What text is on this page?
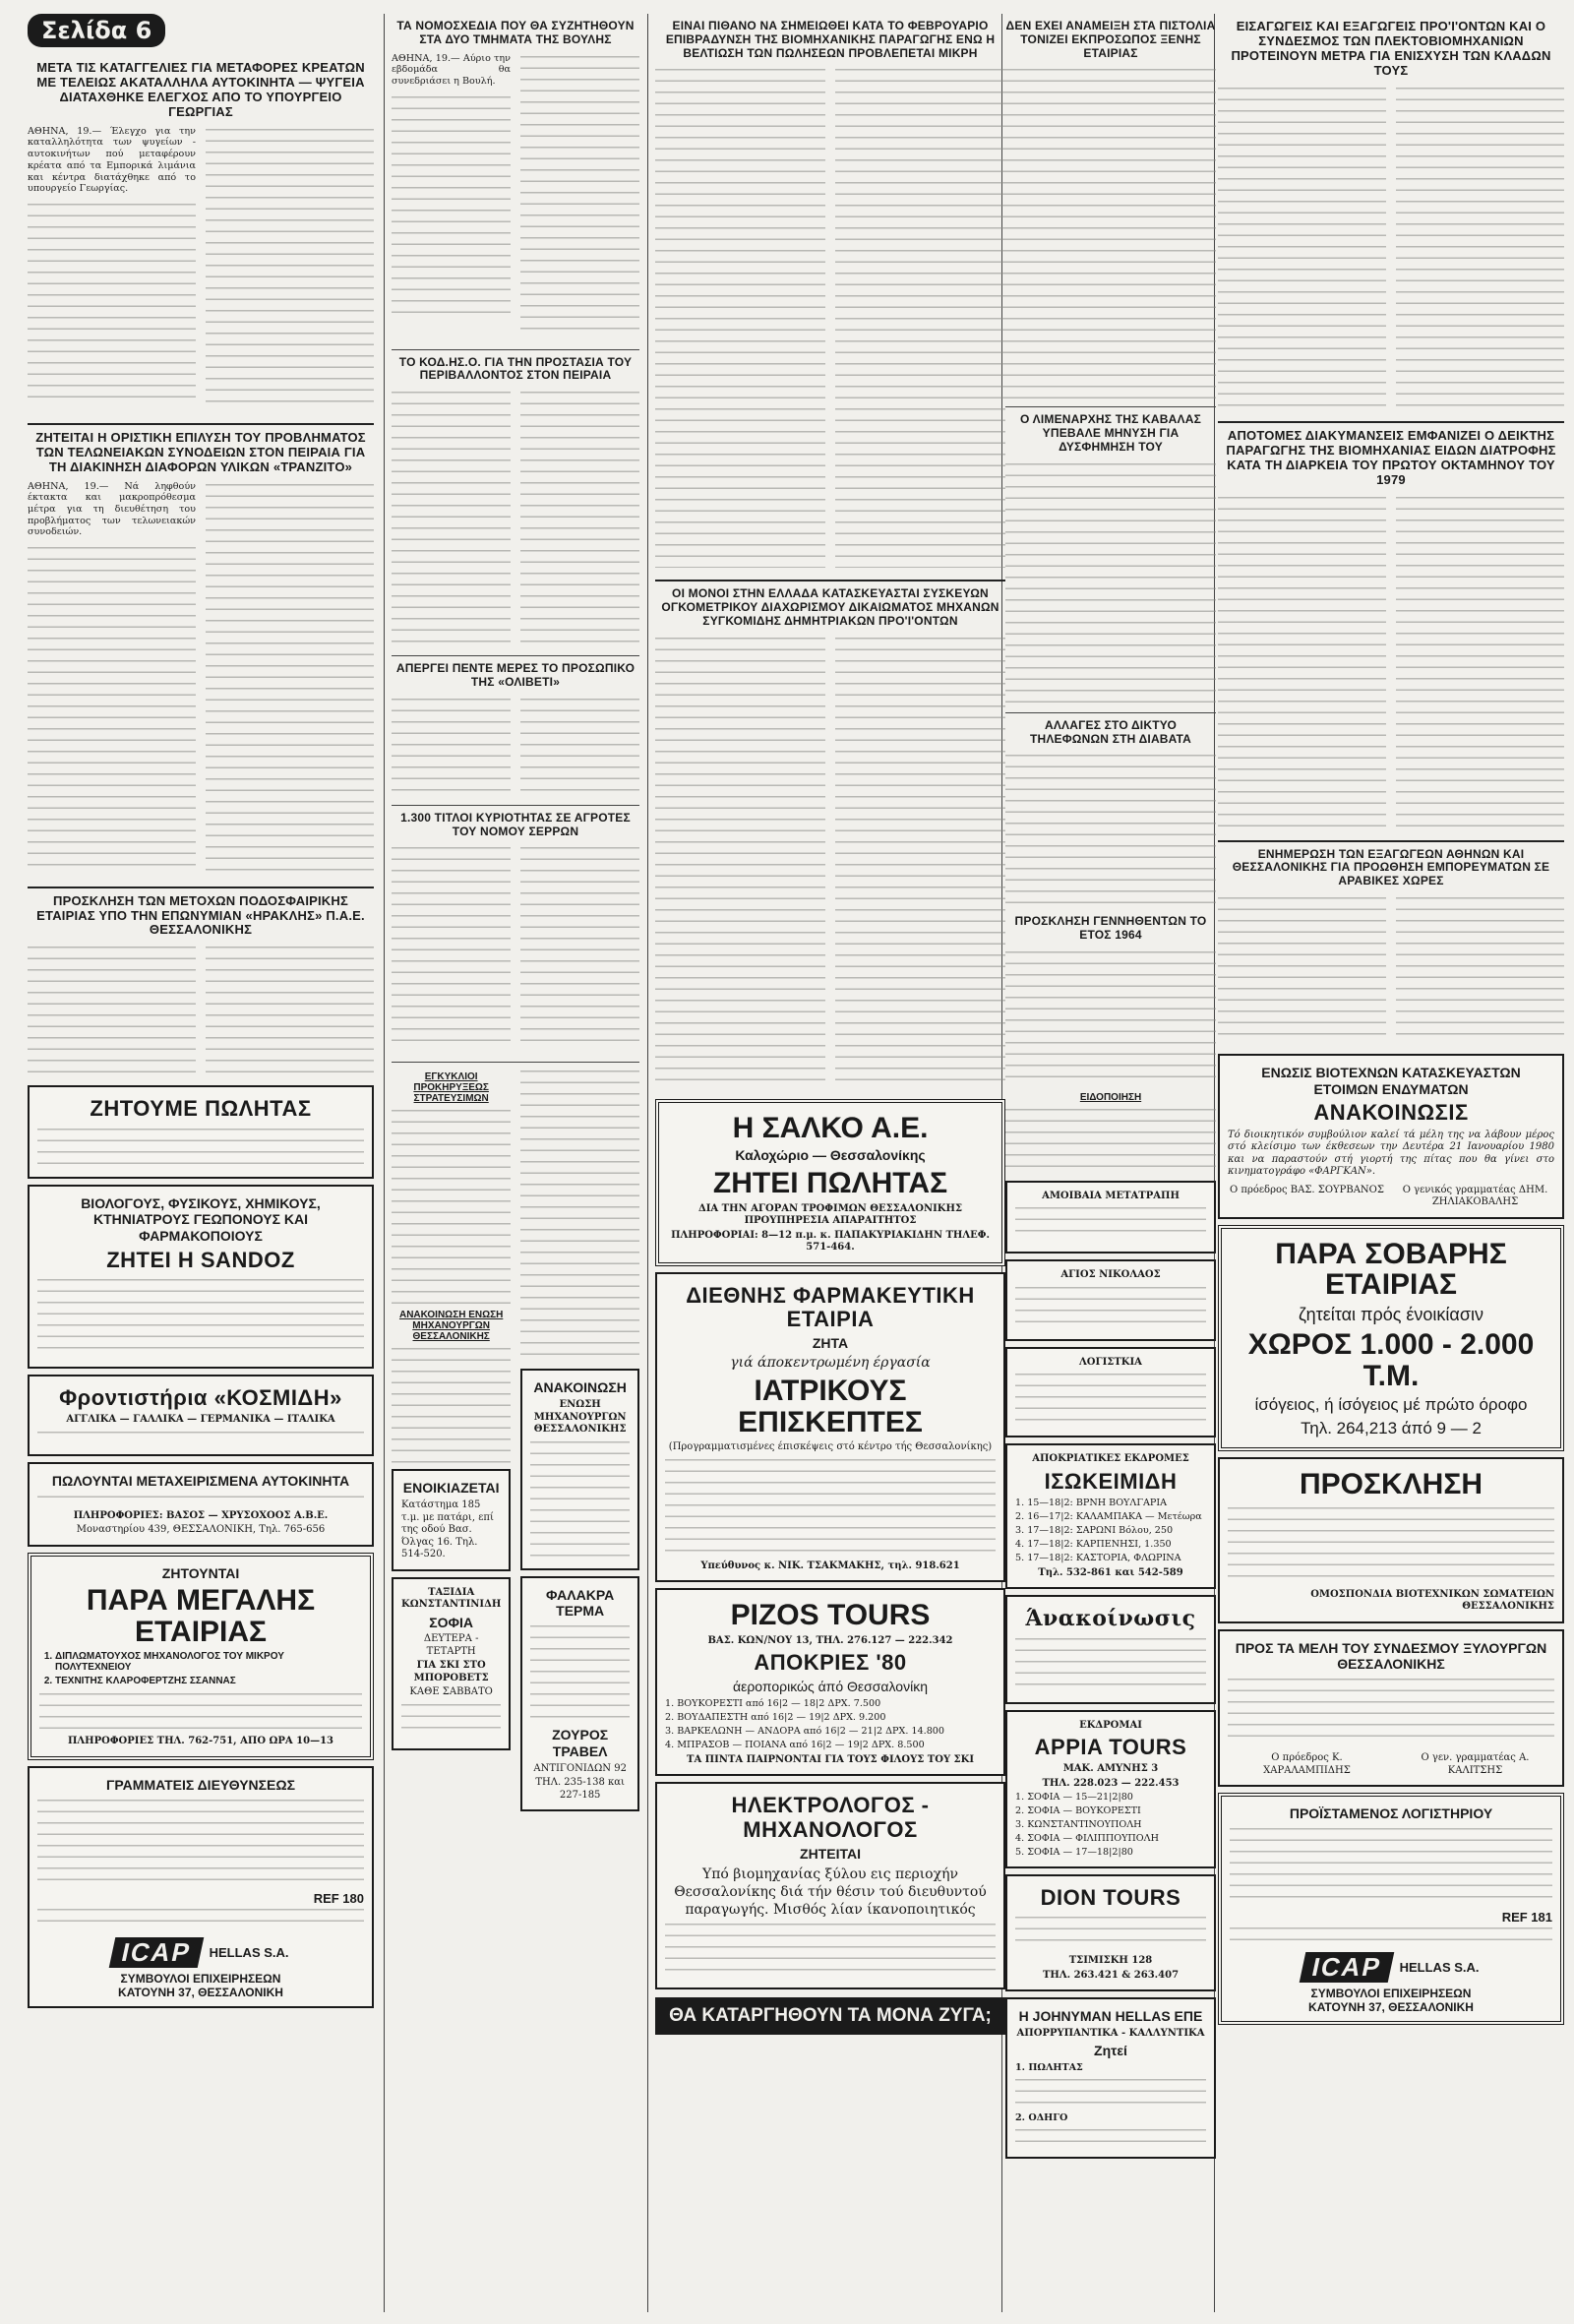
Σελίδα 6
ΜΕΤΑ ΤΙΣ ΚΑΤΑΓΓΕΛΙΕΣ ΓΙΑ ΜΕΤΑΦΟΡΕΣ ΚΡΕΑΤΩΝ ΜΕ ΤΕΛΕΙΩΣ ΑΚΑΤΑΛΛΗΛΑ ΑΥΤΟΚΙΝΗΤΑ — ΨΥΓΕΙΑ ΔΙΑΤΑΧΘΗΚΕ ΕΛΕΓΧΟΣ ΑΠΟ ΤΟ ΥΠΟΥΡΓΕΙΟ ΓΕΩΡΓΙΑΣ
ΑΘΗΝΑ, 19.— Έλεγχο για την καταλληλότητα των ψυγείων - αυτοκινήτων πού μεταφέρουν κρέατα από τα Εμπορικά λιμάνια και κέντρα διατάχθηκε από το υπουργείο Γεωργίας.
ΖΗΤΕΙΤΑΙ Η ΟΡΙΣΤΙΚΗ ΕΠΙΛΥΣΗ ΤΟΥ ΠΡΟΒΛΗΜΑΤΟΣ ΤΩΝ ΤΕΛΩΝΕΙΑΚΩΝ ΣΥΝΟΔΕΙΩΝ ΣΤΟΝ ΠΕΙΡΑΙΑ ΓΙΑ ΤΗ ΔΙΑΚΙΝΗΣΗ ΔΙΑΦΟΡΩΝ ΥΛΙΚΩΝ «ΤΡΑΝΖΙΤΟ»
ΑΘΗΝΑ, 19.— Νά ληφθούν έκτακτα και μακροπρόθεσμα μέτρα για τη διευθέτηση του προβλήματος των τελωνειακών συνοδειών.
ΠΡΟΣΚΛΗΣΗ ΤΩΝ ΜΕΤΟΧΩΝ ΠΟΔΟΣΦΑΙΡΙΚΗΣ ΕΤΑΙΡΙΑΣ ΥΠΟ ΤΗΝ ΕΠΩΝΥΜΙΑΝ «ΗΡΑΚΛΗΣ» Π.Α.Ε. ΘΕΣΣΑΛΟΝΙΚΗΣ
ΖΗΤΟΥΜΕ ΠΩΛΗΤΑΣ
ΒΙΟΛΟΓΟΥΣ, ΦΥΣΙΚΟΥΣ, ΧΗΜΙΚΟΥΣ, ΚΤΗΝΙΑΤΡΟΥΣ ΓΕΩΠΟΝΟΥΣ ΚΑΙ ΦΑΡΜΑΚΟΠΟΙΟΥΣ
ΖΗΤΕΙ Η SANDOZ
Φροντιστήρια «ΚΟΣΜΙΔΗ»
ΑΓΓΛΙΚΑ — ΓΑΛΛΙΚΑ — ΓΕΡΜΑΝΙΚΑ — ΙΤΑΛΙΚΑ
ΠΩΛΟΥΝΤΑΙ ΜΕΤΑΧΕΙΡΙΣΜΕΝΑ ΑΥΤΟΚΙΝΗΤΑ
ΠΛΗΡΟΦΟΡΙΕΣ: ΒΑΣΟΣ — ΧΡΥΣΟΧΟΟΣ Α.Β.Ε.
Μοναστηρίου 439, ΘΕΣΣΑΛΟΝΙΚΗ, Τηλ. 765-656
ΖΗΤΟΥΝΤΑΙ
ΠΑΡΑ ΜΕΓΑΛΗΣ ΕΤΑΙΡΙΑΣ
1. ΔΙΠΛΩΜΑΤΟΥΧΟΣ ΜΗΧΑΝΟΛΟΓΟΣ ΤΟΥ ΜΙΚΡΟΥ ΠΟΛΥΤΕΧΝΕΙΟΥ
2. ΤΕΧΝΙΤΗΣ ΚΛΑΡΟΦΕΡΤΖΗΣ ΣΣΑΝΝΑΣ
ΠΛΗΡΟΦΟΡΙΕΣ ΤΗΛ. 762-751, ΑΠΟ ΩΡΑ 10—13
ΓΡΑΜΜΑΤΕΙΣ ΔΙΕΥΘΥΝΣΕΩΣ
REF 180
ICAP	HELLAS S.A.
ΣΥΜΒΟΥΛΟΙ ΕΠΙΧΕΙΡΗΣΕΩΝ
ΚΑΤΟΥΝΗ 37, ΘΕΣΣΑΛΟΝΙΚΗ
ΤΑ ΝΟΜΟΣΧΕΔΙΑ ΠΟΥ ΘΑ ΣΥΖΗΤΗΘΟΥΝ ΣΤΑ ΔΥΟ ΤΜΗΜΑΤΑ ΤΗΣ ΒΟΥΛΗΣ
ΑΘΗΝΑ, 19.— Αύριο την εβδομάδα θα συνεδριάσει η Βουλή.
ΤΟ ΚΟΔ.ΗΣ.Ο. ΓΙΑ ΤΗΝ ΠΡΟΣΤΑΣΙΑ ΤΟΥ ΠΕΡΙΒΑΛΛΟΝΤΟΣ ΣΤΟΝ ΠΕΙΡΑΙΑ
ΑΠΕΡΓΕΙ ΠΕΝΤΕ ΜΕΡΕΣ ΤΟ ΠΡΟΣΩΠΙΚΟ ΤΗΣ «ΟΛΙΒΕΤΙ»
1.300 ΤΙΤΛΟΙ ΚΥΡΙΟΤΗΤΑΣ ΣΕ ΑΓΡΟΤΕΣ ΤΟΥ ΝΟΜΟΥ ΣΕΡΡΩΝ
ΕΓΚΥΚΛΙΟΙ ΠΡΟΚΗΡΥΞΕΩΣ ΣΤΡΑΤΕΥΣΙΜΩΝ
ΑΝΑΚΟΙΝΩΣΗ ΕΝΩΣΗ ΜΗΧΑΝΟΥΡΓΩΝ ΘΕΣΣΑΛΟΝΙΚΗΣ
ΕΝΟΙΚΙΑΖΕΤΑΙ
Κατάστημα 185 τ.μ. με πατάρι, επί της οδού Βασ. Όλγας 16. Τηλ. 514-520.
ΤΑΞΙΔΙΑ ΚΩΝΣΤΑΝΤΙΝΙΔΗ
ΣΟΦΙΑ
ΔΕΥΤΕΡΑ - ΤΕΤΑΡΤΗ
ΓΙΑ ΣΚΙ ΣΤΟ ΜΠΟΡΟΒΕΤΣ
ΚΑΘΕ ΣΑΒΒΑΤΟ
ΑΝΑΚΟΙΝΩΣΗ
ΕΝΩΣΗ ΜΗΧΑΝΟΥΡΓΩΝ ΘΕΣΣΑΛΟΝΙΚΗΣ
ΦΑΛΑΚΡΑ ΤΕΡΜΑ
ΖΟΥΡΟΣ ΤΡΑΒΕΛ
ΑΝΤΙΓΟΝΙΔΩΝ 92
ΤΗΛ. 235-138 και 227-185
ΕΙΝΑΙ ΠΙΘΑΝΟ ΝΑ ΣΗΜΕΙΩΘΕΙ ΚΑΤΑ ΤΟ ΦΕΒΡΟΥΑΡΙΟ ΕΠΙΒΡΑΔΥΝΣΗ ΤΗΣ ΒΙΟΜΗΧΑΝΙΚΗΣ ΠΑΡΑΓΩΓΗΣ ΕΝΩ Η ΒΕΛΤΙΩΣΗ ΤΩΝ ΠΩΛΗΣΕΩΝ ΠΡΟΒΛΕΠΕΤΑΙ ΜΙΚΡΗ
ΟΙ ΜΟΝΟΙ ΣΤΗΝ ΕΛΛΑΔΑ ΚΑΤΑΣΚΕΥΑΣΤΑΙ ΣΥΣΚΕΥΩΝ ΟΓΚΟΜΕΤΡΙΚΟΥ ΔΙΑΧΩΡΙΣΜΟΥ ΔΙΚΑΙΩΜΑΤΟΣ ΜΗΧΑΝΩΝ ΣΥΓΚΟΜΙΔΗΣ ΔΗΜΗΤΡΙΑΚΩΝ ΠΡΟ'Ι'ΟΝΤΩΝ
Η ΣΑΛΚΟ Α.Ε.
Καλοχώριο — Θεσσαλονίκης
ΖΗΤΕΙ ΠΩΛΗΤΑΣ
ΔΙΑ ΤΗΝ ΑΓΟΡΑΝ ΤΡΟΦΙΜΩΝ ΘΕΣΣΑΛΟΝΙΚΗΣ ΠΡΟΥΠΗΡΕΣΙΑ ΑΠΑΡΑΙΤΗΤΟΣ
ΠΛΗΡΟΦΟΡΙΑΙ: 8—12 π.μ. κ. ΠΑΠΑΚΥΡΙΑΚΙΔΗΝ ΤΗΛΕΦ. 571-464.
ΔΙΕΘΝΗΣ ΦΑΡΜΑΚΕΥΤΙΚΗ ΕΤΑΙΡΙΑ
ΖΗΤΑ
γιά άποκεντρωμένη έργασία
ΙΑΤΡΙΚΟΥΣ ΕΠΙΣΚΕΠΤΕΣ
(Προγραμματισμένες έπισκέψεις στό κέντρο τής Θεσσαλονίκης)
Υπεύθυνος κ. ΝΙΚ. ΤΣΑΚΜΑΚΗΣ, τηλ. 918.621
PIZOS TOURS
ΒΑΣ. ΚΩΝ/ΝΟΥ 13, ΤΗΛ. 276.127 — 222.342
ΑΠΟΚΡΙΕΣ '80
άεροπορικώς άπό Θεσσαλονίκη
1. ΒΟΥΚΟΡΕΣΤΙ από 16|2 — 18|2 ΔΡΧ. 7.500
2. ΒΟΥΔΑΠΕΣΤΗ από 16|2 — 19|2 ΔΡΧ. 9.200
3. ΒΑΡΚΕΛΩΝΗ — ΑΝΔΟΡΑ από 16|2 — 21|2 ΔΡΧ. 14.800
4. ΜΠΡΑΣΟΒ — ΠΟΙΑΝΑ από 16|2 — 19|2 ΔΡΧ. 8.500
ΤΑ ΠΙΝΤΑ ΠΑΙΡΝΟΝΤΑΙ ΓΙΑ ΤΟΥΣ ΦΙΛΟΥΣ ΤΟΥ ΣΚΙ
ΗΛΕΚΤΡΟΛΟΓΟΣ - ΜΗΧΑΝΟΛΟΓΟΣ
ΖΗΤΕΙΤΑΙ
Υπό βιομηχανίας ξύλου εις περιοχήν Θεσσαλονίκης διά τήν θέσιν τού διευθυντού παραγωγής. Μισθός λίαν ίκανοποιητικός
ΘΑ ΚΑΤΑΡΓΗΘΟΥΝ ΤΑ ΜΟΝΑ ΖΥΓΑ;
ΔΕΝ ΕΧΕΙ ΑΝΑΜΕΙΞΗ ΣΤΑ ΠΙΣΤΟΛΙΑ ΤΟΝΙΖΕΙ ΕΚΠΡΟΣΩΠΟΣ ΞΕΝΗΣ ΕΤΑΙΡΙΑΣ
Ο ΛΙΜΕΝΑΡΧΗΣ ΤΗΣ ΚΑΒΑΛΑΣ ΥΠΕΒΑΛΕ ΜΗΝΥΣΗ ΓΙΑ ΔΥΣΦΗΜΗΣΗ ΤΟΥ
ΑΛΛΑΓΕΣ ΣΤΟ ΔΙΚΤΥΟ ΤΗΛΕΦΩΝΩΝ ΣΤΗ ΔΙΑΒΑΤΑ
ΠΡΟΣΚΛΗΣΗ ΓΕΝΝΗΘΕΝΤΩΝ ΤΟ ΕΤΟΣ 1964
ΕΙΔΟΠΟΙΗΣΗ
ΑΜΟΙΒΑΙΑ ΜΕΤΑΤΡΑΠΗ
ΑΓΙΟΣ ΝΙΚΟΛΑΟΣ
ΛΟΓΙΣΤΚΙΑ
ΑΠΟΚΡΙΑΤΙΚΕΣ ΕΚΔΡΟΜΕΣ
ΙΣΩΚΕΙΜΙΔΗ
1. 15—18|2: ΒΡΝΗ ΒΟΥΛΓΑΡΙΑ
2. 16—17|2: ΚΑΛΑΜΠΑΚΑ — Μετέωρα
3. 17—18|2: ΣΑΡΩΝΙ Βόλου, 250
4. 17—18|2: ΚΑΡΠΕΝΗΣΙ, 1.350
5. 17—18|2: ΚΑΣΤΟΡΙΑ, ΦΛΩΡΙΝΑ
Τηλ. 532-861 και 542-589
Άνακοίνωσις
ΕΚΔΡΟΜΑΙ
APPIA TOURS
ΜΑΚ. ΑΜΥΝΗΣ 3
ΤΗΛ. 228.023 — 222.453
1. ΣΟΦΙΑ — 15—21|2|80
2. ΣΟΦΙΑ — ΒΟΥΚΟΡΕΣΤΙ
3. ΚΩΝΣΤΑΝΤΙΝΟΥΠΟΛΗ
4. ΣΟΦΙΑ — ΦΙΛΙΠΠΟΥΠΟΛΗ
5. ΣΟΦΙΑ — 17—18|2|80
DION TOURS
ΤΣΙΜΙΣΚΗ 128
ΤΗΛ. 263.421 & 263.407
Η JOHNYMAN HELLAS ΕΠΕ
ΑΠΟΡΡΥΠΑΝΤΙΚΑ - ΚΑΛΛΥΝΤΙΚΑ
Ζητεί
1. ΠΩΛΗΤΑΣ
2. ΟΔΗΓΟ
ΕΙΣΑΓΩΓΕΙΣ ΚΑΙ ΕΞΑΓΩΓΕΙΣ ΠΡΟ'Ι'ΟΝΤΩΝ ΚΑΙ Ο ΣΥΝΔΕΣΜΟΣ ΤΩΝ ΠΛΕΚΤΟΒΙΟΜΗΧΑΝΙΩΝ ΠΡΟΤΕΙΝΟΥΝ ΜΕΤΡΑ ΓΙΑ ΕΝΙΣΧΥΣΗ ΤΩΝ ΚΛΑΔΩΝ ΤΟΥΣ
ΑΠΟΤΟΜΕΣ ΔΙΑΚΥΜΑΝΣΕΙΣ ΕΜΦΑΝΙΖΕΙ Ο ΔΕΙΚΤΗΣ ΠΑΡΑΓΩΓΗΣ ΤΗΣ ΒΙΟΜΗΧΑΝΙΑΣ ΕΙΔΩΝ ΔΙΑΤΡΟΦΗΣ ΚΑΤΑ ΤΗ ΔΙΑΡΚΕΙΑ ΤΟΥ ΠΡΩΤΟΥ ΟΚΤΑΜΗΝΟΥ ΤΟΥ 1979
ΕΝΗΜΕΡΩΣΗ ΤΩΝ ΕΞΑΓΩΓΕΩΝ ΑΘΗΝΩΝ ΚΑΙ ΘΕΣΣΑΛΟΝΙΚΗΣ ΓΙΑ ΠΡΟΩΘΗΣΗ ΕΜΠΟΡΕΥΜΑΤΩΝ ΣΕ ΑΡΑΒΙΚΕΣ ΧΩΡΕΣ
ΕΝΩΣΙΣ ΒΙΟΤΕΧΝΩΝ ΚΑΤΑΣΚΕΥΑΣΤΩΝ ΕΤΟΙΜΩΝ ΕΝΔΥΜΑΤΩΝ
ΑΝΑΚΟΙΝΩΣΙΣ
Τό διοικητικόν συμβούλιον καλεί τά μέλη της να λάβουν μέρος στό κλείσιμο των έκθεσεων την Δευτέρα 21 Ιανουαρίου 1980 και να παραστούν στή γιορτή της πίτας που θα γίνει στο κινηματογράφο «ΦΑΡΓΚΑΝ».
Ο πρόεδρος ΒΑΣ. ΣΟΥΡΒΑΝΟΣ	Ο γενικός γραμματέας ΔΗΜ. ΖΗΛΙΑΚΟΒΑΛΗΣ
ΠΑΡΑ ΣΟΒΑΡΗΣ ΕΤΑΙΡΙΑΣ
ζητείται πρός ένοικίασιν
ΧΩΡΟΣ 1.000 - 2.000 Τ.Μ.
ίσόγειος, ή ίσόγειος μέ πρώτο όροφο
Τηλ. 264,213 άπό 9 — 2
ΠΡΟΣΚΛΗΣΗ
ΟΜΟΣΠΟΝΔΙΑ ΒΙΟΤΕΧΝΙΚΩΝ ΣΩΜΑΤΕΙΩΝ ΘΕΣΣΑΛΟΝΙΚΗΣ
ΠΡΟΣ ΤΑ ΜΕΛΗ ΤΟΥ ΣΥΝΔΕΣΜΟΥ ΞΥΛΟΥΡΓΩΝ ΘΕΣΣΑΛΟΝΙΚΗΣ
Ο πρόεδρος Κ. ΧΑΡΑΛΑΜΠΙΔΗΣ
Ο γεν. γραμματέας Α. ΚΑΛΙΤΣΗΣ
ΠΡΟΪΣΤΑΜΕΝΟΣ ΛΟΓΙΣΤΗΡΙΟΥ
REF 181
ICAP	HELLAS S.A.
ΣΥΜΒΟΥΛΟΙ ΕΠΙΧΕΙΡΗΣΕΩΝ
ΚΑΤΟΥΝΗ 37, ΘΕΣΣΑΛΟΝΙΚΗ
